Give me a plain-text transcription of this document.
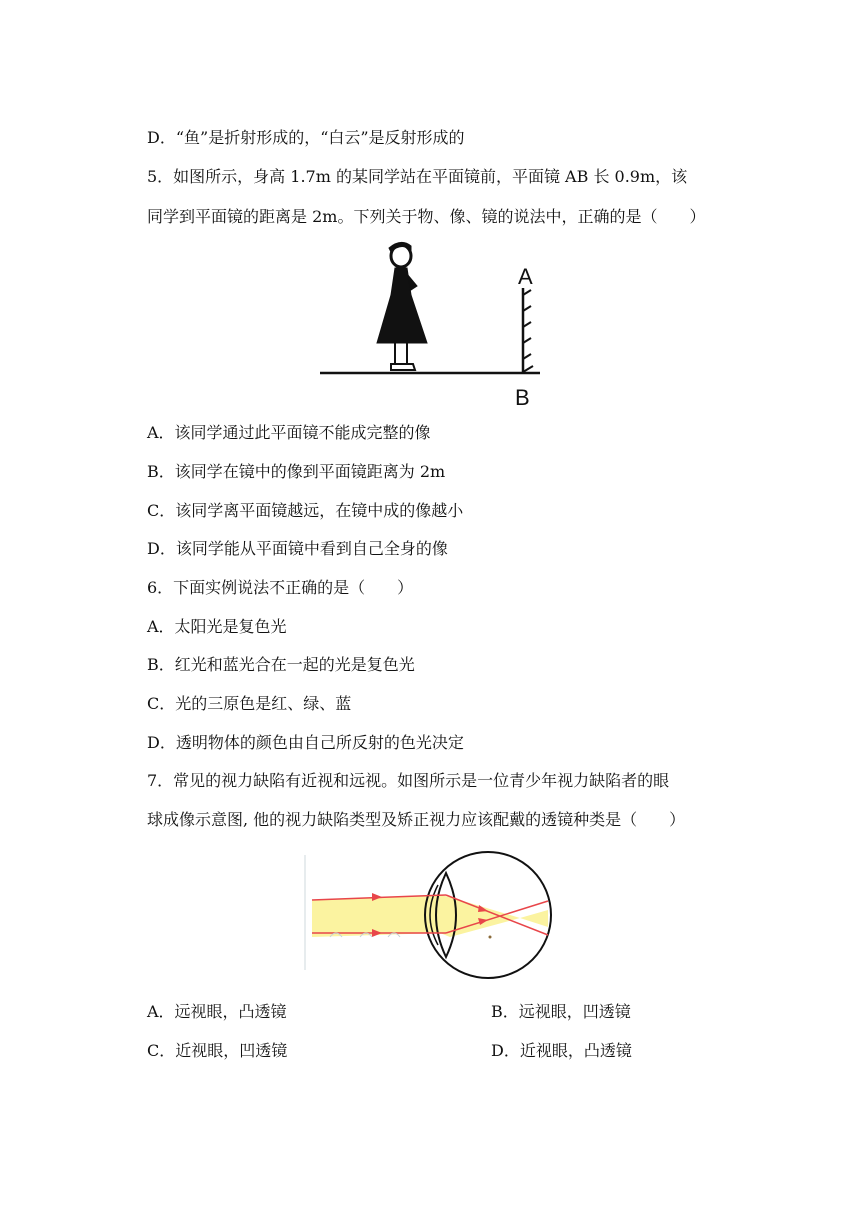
D．“鱼”是折射形成的，“白云”是反射形成的
5．如图所示，身高 1.7m 的某同学站在平面镜前，平面镜 AB 长 0.9m，该
同学到平面镜的距离是 2m。下列关于物、像、镜的说法中，正确的是（　　）
A
B
A．该同学通过此平面镜不能成完整的像
B．该同学在镜中的像到平面镜距离为 2m
C．该同学离平面镜越远，在镜中成的像越小
D．该同学能从平面镜中看到自己全身的像
6．下面实例说法不正确的是（　　）
A．太阳光是复色光
B．红光和蓝光合在一起的光是复色光
C．光的三原色是红、绿、蓝
D．透明物体的颜色由自己所反射的色光决定
7．常见的视力缺陷有近视和远视。如图所示是一位青少年视力缺陷者的眼
球成像示意图, 他的视力缺陷类型及矫正视力应该配戴的透镜种类是（　　）
A．远视眼，凸透镜	B．远视眼，凹透镜
C．近视眼，凹透镜	D．近视眼，凸透镜
